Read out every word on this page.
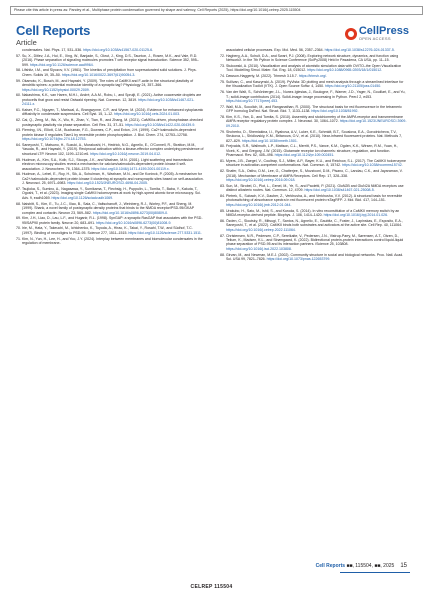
Please cite this article in press as: Pandey et al., Multiphase protein condensation governed by shape and valency, Cell Reports (2025), https://doi.org/10.1016/j.celrep.2025.115504
Cell Reports
Article
CellPress
OPEN ACCESS
condensates. Nat. Phys. 17, 531–536. https://doi.org/10.1038/s41567-020-01125-6.
57.Su, X., Ditlev, J.A., Hui, E., Xing, W., Banjade, S., Okrut, J., King, D.S., Taunton, J., Rosen, M.K., and Vale, R.D. (2016). Phase separation of signaling molecules promotes T cell receptor signal transduction. Science 352, 595–599. https://doi.org/10.1126/science.aad9964.
58.Lifshitz, I.M., and Slyozov, V.V. (1961). The kinetics of precipitation from supersaturated solid solutions. J. Phys. Chem. Solids 19, 35–50. https://doi.org/10.1016/0022-3697(61)90054-3.
59.Okamoto, K., Bosch, M., and Hayashi, Y. (2009). The roles of CaMKII and F-actin in the structural plasticity of dendritic spines: a potential molecular identity of a synaptic tag? Physiology 24, 357–366. https://doi.org/10.1152/physiol.00029.2009.
60.Nakashima, K.K., van Haren, M.H.I., André, A.A.M., Robu, I., and Spruijt, E. (2021). Active coacervate droplets are protocells that grow and resist Ostwald ripening. Nat. Commun. 12, 3819. https://doi.org/10.1038/s41467-021-24111-x.
61.Kaiser, F.C., Nguyen, T., Mariscal, A., Brangwynne, C.P., and Wyner, M. (2024). Evidence for enhanced cytoplasmic diffusivity in condensate suspensions. Cell Syst. 15, 1–12. https://doi.org/10.1016/j.cels.2024.01.003.
62.Cai, Q., Zeng, M., Wu, X., Wu, H., Zhan, Y., Tian, R., and Zhang, M. (2021). CaMKIIα-driven, phosphatase-checked postsynaptic plasticity via phase separation. Cell Res. 31, 37–51. https://doi.org/10.1038/s41422-020-00439-9.
63.Fleming, I.N., Elliott, C.M., Buchanan, F.G., Downes, C.P., and Exton, J.H. (1999). Ca2+/calmodulin-dependent protein kinase II regulates Tiam1 by reversible protein phosphorylation. J. Biol. Chem. 274, 12753–12758. https://doi.org/10.1074/jbc.274.18.12753.
64.Saneyoshi, T., Matsuno, H., Suzuki, A., Murakoshi, H., Hedrick, N.G., Agnello, E., O'Connell, R., Stratton, M.M., Yasuda, R., and Hayashi, Y. (2019). Reciprocal activation within a kinase-effector complex underlying persistence of structural LTP. Neuron 102, 1199–1210.e6. https://doi.org/10.1016/j.neuron.2019.04.012.
65.Hudmon, A., Kim, S.A., Kolb, S.J., Stoops, J.K., and Waxham, M.N. (2001). Light scattering and transmission electron microscopy studies reveal a mechanism for calcium/calmodulin-dependent protein kinase II self-association. J. Neurochem. 76, 1364–1375. https://doi.org/10.1046/j.1471-4159.2001.00119.x.
66.Hudmon, A., Lebel, E., Roy, H., Sik, A., Schulman, H., Waxham, M.N., and De Koninck, P. (2005). A mechanism for Ca2+/calmodulin-dependent protein kinase II clustering at synaptic and nonsynaptic sites based on self-association. J. Neurosci. 25, 6971–6983. https://doi.org/10.1523/JNEUROSCI.4698-04.2005.
67.Tsujioka, S., Sumino, A., Nagasawa, Y., Sumikama, T., Flechsig, H., Puppulin, L., Tomita, T., Baba, Y., Kakuta, T., Ogoshi, T., et al. (2023). Imaging single CaMKII holoenzymes at work by high-speed atomic force microscopy. Sci. Adv. 9, eadh1069. https://doi.org/10.1126/sciadv.adh1069.
68.Naisbitt, S., Kim, E., Tu, J.C., Xiao, B., Sala, C., Valtschanoff, J., Weinberg, R.J., Worley, P.F., and Sheng, M. (1999). Shank, a novel family of postsynaptic density proteins that binds to the NMDA receptor/PSD-95/GKAP complex and cortactin. Neuron 23, 569–582. https://doi.org/10.1016/s0896-6273(00)80809-0.
69.Kim, J.H., Liao, D., Lau, L.F., and Huganir, R.L. (1998). SynGAP: a synaptic RasGAP that associates with the PSD-95/SAP90 protein family. Neuron 20, 683–691. https://doi.org/10.1016/s0896-6273(00)81008-9.
70.Irie, M., Hata, Y., Takeuchi, M., Ichtchenko, K., Toyoda, A., Hirao, K., Takai, Y., Rosahl, T.W., and Südhof, T.C. (1997). Binding of neuroligins to PSD-95. Science 277, 1511–1515. https://doi.org/10.1126/science.277.5331.1511.
71.Kim, N., Yun, H., Lee, H., and Yoo, J.Y. (2024). Interplay between membranes and biomolecular condensates in the regulation of membrane-
associated cellular processes. Exp. Mol. Med. 56, 2357–2364. https://doi.org/10.1038/s12276-024-01337-5.
72.Hagberg, A.A., Schult, D.A., and Swart, P.J. (2008). Exploring network structure, dynamics, and function using NetworkX. In the 7th Python in Science Conference (SciPy2008) Held in Pasadena, CA USA, pp. 11–15.
73.Stukowski, A. (2010). Visualization and analysis of atomistic simulation data with OVITO–the Open Visualization Tool. Modelling Simul. Mater. Sci. Eng. 18, 015012. https://doi.org/10.1088/0965-0393/18/1/015012.
74.Dawson-Haggerty, M. (2022). Trimesh 3.15.7. https://trimsh.org/.
75.Sullivan, C., and Kaszynski, A. (2019). PyVista: 3D plotting and mesh analysis through a streamlined interface for the Visualization Toolkit (VTK). J. Open Source Softw. 4, 1450. https://doi.org/10.21105/joss.01450.
76.Van der Walt, S., Schönberger, J.L., Nunez-Iglesias, J., Boulogne, F., Warner, J.D., Yager, N., Gouillart, E., and Yu, T.; scikit-image contributors (2014). Scikit-image: image processing in Python. PeerJ 2, e453. https://doi.org/10.7717/peerj.453.
77.Wall, M.A., Socolich, M., and Ranganathan, R. (2000). The structural basis for red fluorescence in the tetrameric GFP homolog DsRed. Nat. Struct. Biol. 7, 1133–1138. https://doi.org/10.1038/81992.
78.Kim, K.S., Yan, D., and Tomita, S. (2010). Assembly and stoichiometry of the AMPA receptor and transmembrane AMPA receptor regulatory protein complex. J. Neurosci. 30, 1064–1072. https://doi.org/10.1523/JNEUROSCI.3909-09.2010.
79.Shcherbo, D., Shemiakina, I.I., Ryabova, A.V., Luker, K.E., Schmidt, B.T., Souslova, E.A., Gorodnicheva, T.V., Strukova, L., Shidlovskiy, K.M., Britanova, O.V., et al. (2010). Near-infrared fluorescent proteins. Nat. Methods 7, 827–829. https://doi.org/10.1038/nmeth.1501.
80.Frejvalds, S.R., Wallmuth, L.P., Mattson, C.L., Merritt, P.S., Vance, K.M., Ogden, K.K., Wirsen, R.M., Yuan, H., Vlcek, K., and Gregory, J.W. (2015). Glutamate receptor ion channels: structure, regulation, and function. Pharmacol. Rev. 62, 405–496. https://doi.org/10.1124/pr.109.002451.
81.Myers, J.B., Zaegel, V., Coultrap, S.J., Miller, A.P., Bayer, K.U., and Reichow, S.L. (2017). The CaMKII holoenzyme structure in activation-competent conformations. Nat. Commun. 8, 15742. https://doi.org/10.1038/ncomms15742.
82.Shafer, S.A., Ostho, D.M., Lee, G., Chatterjee, S., Mozziconi, D.M., Pisano, C., Landau, C.K., and Jayaraman, V. (2018). Mechanism of Membrane of AMPA Receptors. Cell Rep. 17, 328–338. https://doi.org/10.1016/j.celrep.2016.09.018.
83.Sun, M., Strobel, D., Plot, L., Genel, M., Ye, S., and Paoletti, P. (2021). GluN2B and GluN2A NMDA receptors use distinct allosteric routes. Nat. Commun. 12, 4709. https://doi.org/10.1038/s41467-021-25008-5.
84.Pietrek, S., Subach, K.V., Dauber, Z., Verkhusha, A., and Verkhusha, V.V. (2012). A structural basis for reversible photoswitching of absorbance spectra in red fluorescent protein rsTagRFP. J. Mol. Biol. 417, 144–151. https://doi.org/10.1016/j.jmb.2012.01.044.
85.Urakubo, H., Sato, M., Ishii, S., and Kuroda, S. (2014). In vitro reconstitution of a CaMKII memory switch by an NMDA receptor-derived peptide. Biophys. J. 106, 1414–1420. https://doi.org/10.1016/j.bpj.2014.01.026.
86.Özden, C., Sloutsky, R., Mitsugi, T., Santos, N., Agnello, E., Gaubitz, C., Foster, J., Lapinskas, E., Esposito, E.A., Saneyoshi, T., et al. (2022). CaMKII binds both substrates and activators at the active site. Cell Rep. 40, 111064. https://doi.org/10.1016/j.celrep.2022.111064.
87.Christensen, N.R., Pedersen, C.P., Sereikaite, V., Pedersen, J.N., Vistrup-Parry, M., Sørensen, A.T., Otzen, D., Teilum, K., Madsen, K.L., and Strømgaard, K. (2022). Bidirectional protein-protein interactions control liquid-liquid phase separation of PSD-95 and its interaction partners. iScience 25, 103808. https://doi.org/10.1016/j.isci.2022.103808.
88.Girvan, M., and Newman, M.E.J. (2002). Community structure in social and biological networks. Proc. Natl. Acad. Sci. USA 99, 7821–7826. https://doi.org/10.1073/pnas.122653799.
Cell Reports ■■, 115504, ■■, 2025 15
CELREP 115504
